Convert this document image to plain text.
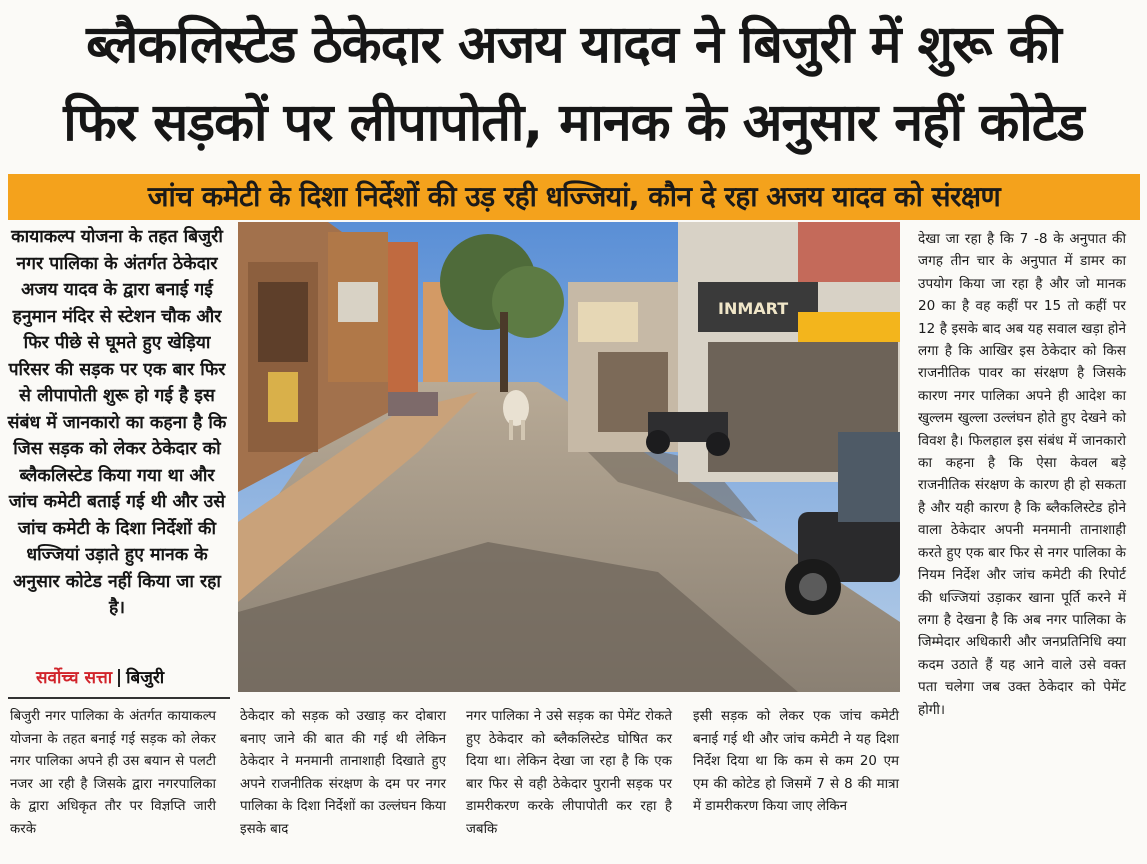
ब्लैकलिस्टेड ठेकेदार अजय यादव ने बिजुरी में शुरू की
फिर सड़कों पर लीपापोती, मानक के अनुसार नहीं कोटेड
जांच कमेटी के दिशा निर्देशों की उड़ रही धज्जियां, कौन दे रहा अजय यादव को संरक्षण
कायाकल्प योजना के तहत बिजुरी नगर पालिका के अंतर्गत ठेकेदार अजय यादव के द्वारा बनाई गई हनुमान मंदिर से स्टेशन चौक और फिर पीछे से घूमते हुए खेड़िया परिसर की सड़क पर एक बार फिर से लीपापोती शुरू हो गई है इस संबंध में जानकारो का कहना है कि जिस सड़क को लेकर ठेकेदार को ब्लैकलिस्टेड किया गया था और जांच कमेटी बताई गई थी और उसे जांच कमेटी के दिशा निर्देशों की धज्जियां उड़ाते हुए मानक के अनुसार कोटेड नहीं किया जा रहा है।
सर्वोच्च सत्ता बिजुरी
INMART
बिजुरी नगर पालिका के अंतर्गत कायाकल्प योजना के तहत बनाई गई सड़क को लेकर नगर पालिका अपने ही उस बयान से पलटी नजर आ रही है जिसके द्वारा नगरपालिका के द्वारा अधिकृत तौर पर विज्ञप्ति जारी करके
ठेकेदार को सड़क को उखाड़ कर दोबारा बनाए जाने की बात की गई थी लेकिन ठेकेदार ने मनमानी तानाशाही दिखाते हुए अपने राजनीतिक संरक्षण के दम पर नगर पालिका के दिशा निर्देशों का उल्लंघन किया इसके बाद
नगर पालिका ने उसे सड़क का पेमेंट रोकते हुए ठेकेदार को ब्लैकलिस्टेड घोषित कर दिया था। लेकिन देखा जा रहा है कि एक बार फिर से वही ठेकेदार पुरानी सड़क पर डामरीकरण करके लीपापोती कर रहा है जबकि
इसी सड़क को लेकर एक जांच कमेटी बनाई गई थी और जांच कमेटी ने यह दिशा निर्देश दिया था कि कम से कम 20 एम एम की कोटेड हो जिसमें 7 से 8 की मात्रा में डामरीकरण किया जाए लेकिन
देखा जा रहा है कि 7 -8 के अनुपात की जगह तीन चार के अनुपात में डामर का उपयोग किया जा रहा है और जो मानक 20 का है वह कहीं पर 15 तो कहीं पर 12 है इसके बाद अब यह सवाल खड़ा होने लगा है कि आखिर इस ठेकेदार को किस राजनीतिक पावर का संरक्षण है जिसके कारण नगर पालिका अपने ही आदेश का खुल्लम खुल्ला उल्लंघन होते हुए देखने को विवश है। फिलहाल इस संबंध में जानकारो का कहना है कि ऐसा केवल बड़े राजनीतिक संरक्षण के कारण ही हो सकता है और यही कारण है कि ब्लैकलिस्टेड होने वाला ठेकेदार अपनी मनमानी तानाशाही करते हुए एक बार फिर से नगर पालिका के नियम निर्देश और जांच कमेटी की रिपोर्ट की धज्जियां उड़ाकर खाना पूर्ति करने में लगा है देखना है कि अब नगर पालिका के जिम्मेदार अधिकारी और जनप्रतिनिधि क्या कदम उठाते हैं यह आने वाले उसे वक्त पता चलेगा जब उक्त ठेकेदार को पेमेंट होगी।
